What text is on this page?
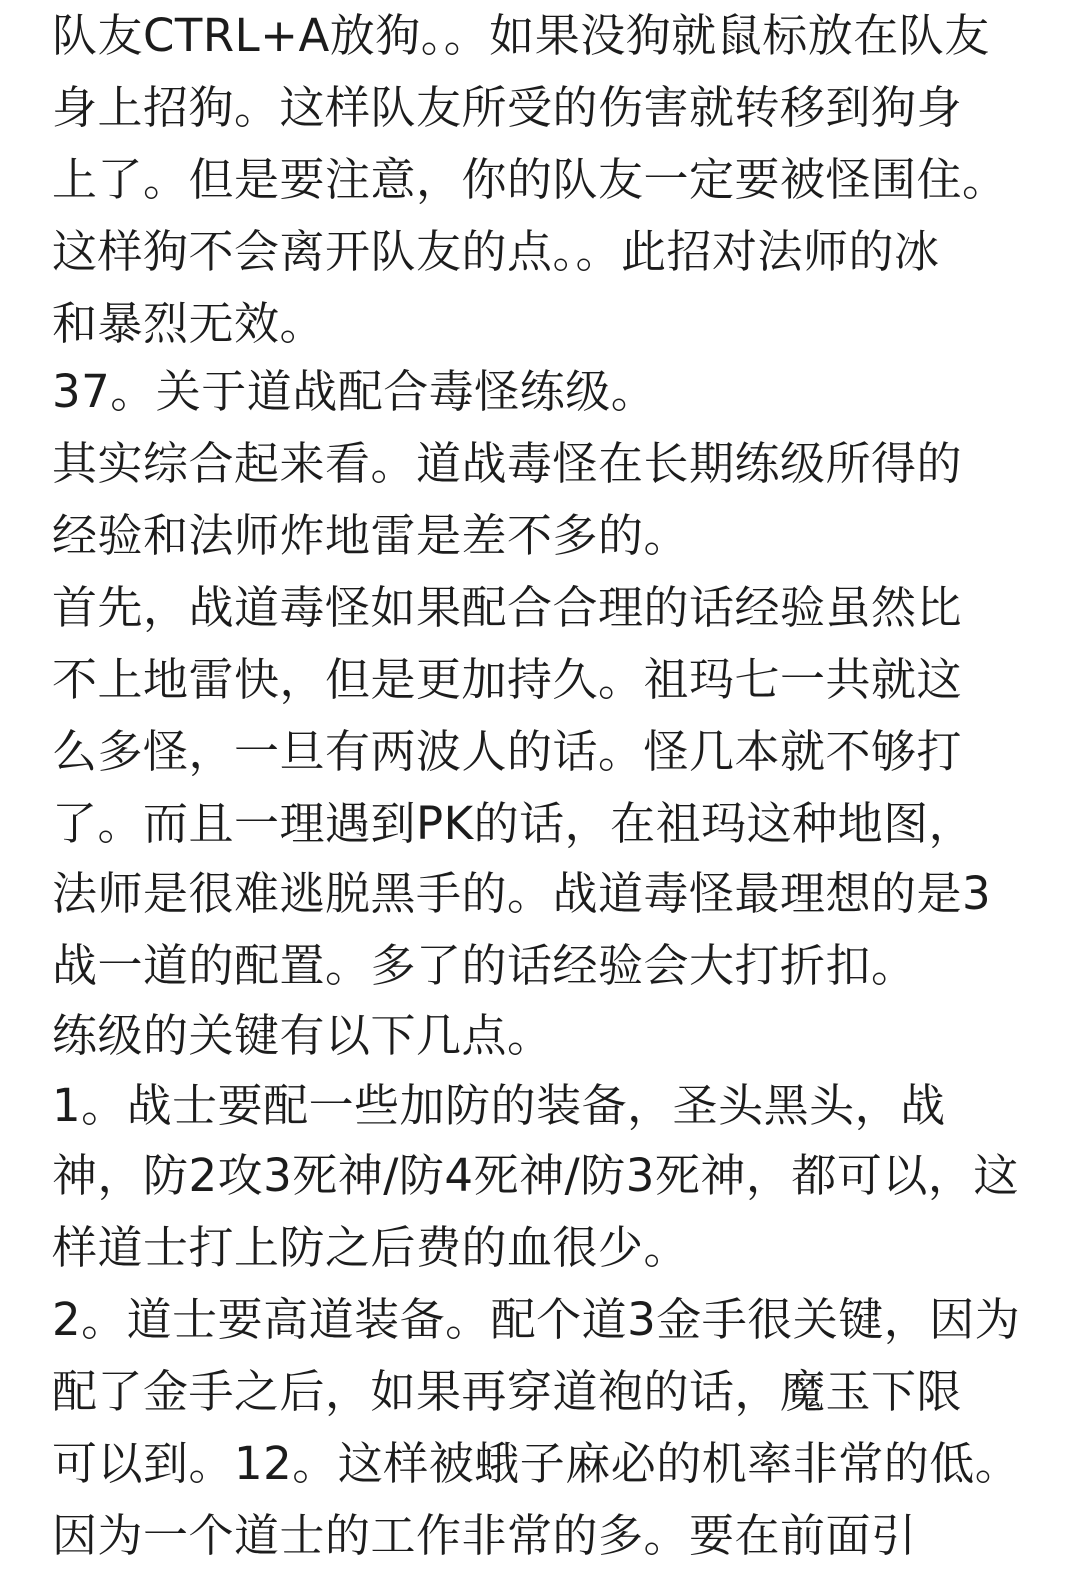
队友CTRL+A放狗。。如果没狗就鼠标放在队友
身上招狗。这样队友所受的伤害就转移到狗身
上了。但是要注意，你的队友一定要被怪围住。
这样狗不会离开队友的点。。此招对法师的冰
和暴烈无效。
37。关于道战配合毒怪练级。
其实综合起来看。道战毒怪在长期练级所得的
经验和法师炸地雷是差不多的。
首先，战道毒怪如果配合合理的话经验虽然比
不上地雷快，但是更加持久。祖玛七一共就这
么多怪，一旦有两波人的话。怪几本就不够打
了。而且一理遇到PK的话，在祖玛这种地图，
法师是很难逃脱黑手的。战道毒怪最理想的是3
战一道的配置。多了的话经验会大打折扣。
练级的关键有以下几点。
1。战士要配一些加防的装备，圣头黑头，战
神，防2攻3死神/防4死神/防3死神，都可以，这
样道士打上防之后费的血很少。
2。道士要高道装备。配个道3金手很关键，因为
配了金手之后，如果再穿道袍的话，魔玉下限
可以到。12。这样被蛾子麻必的机率非常的低。
因为一个道士的工作非常的多。要在前面引
